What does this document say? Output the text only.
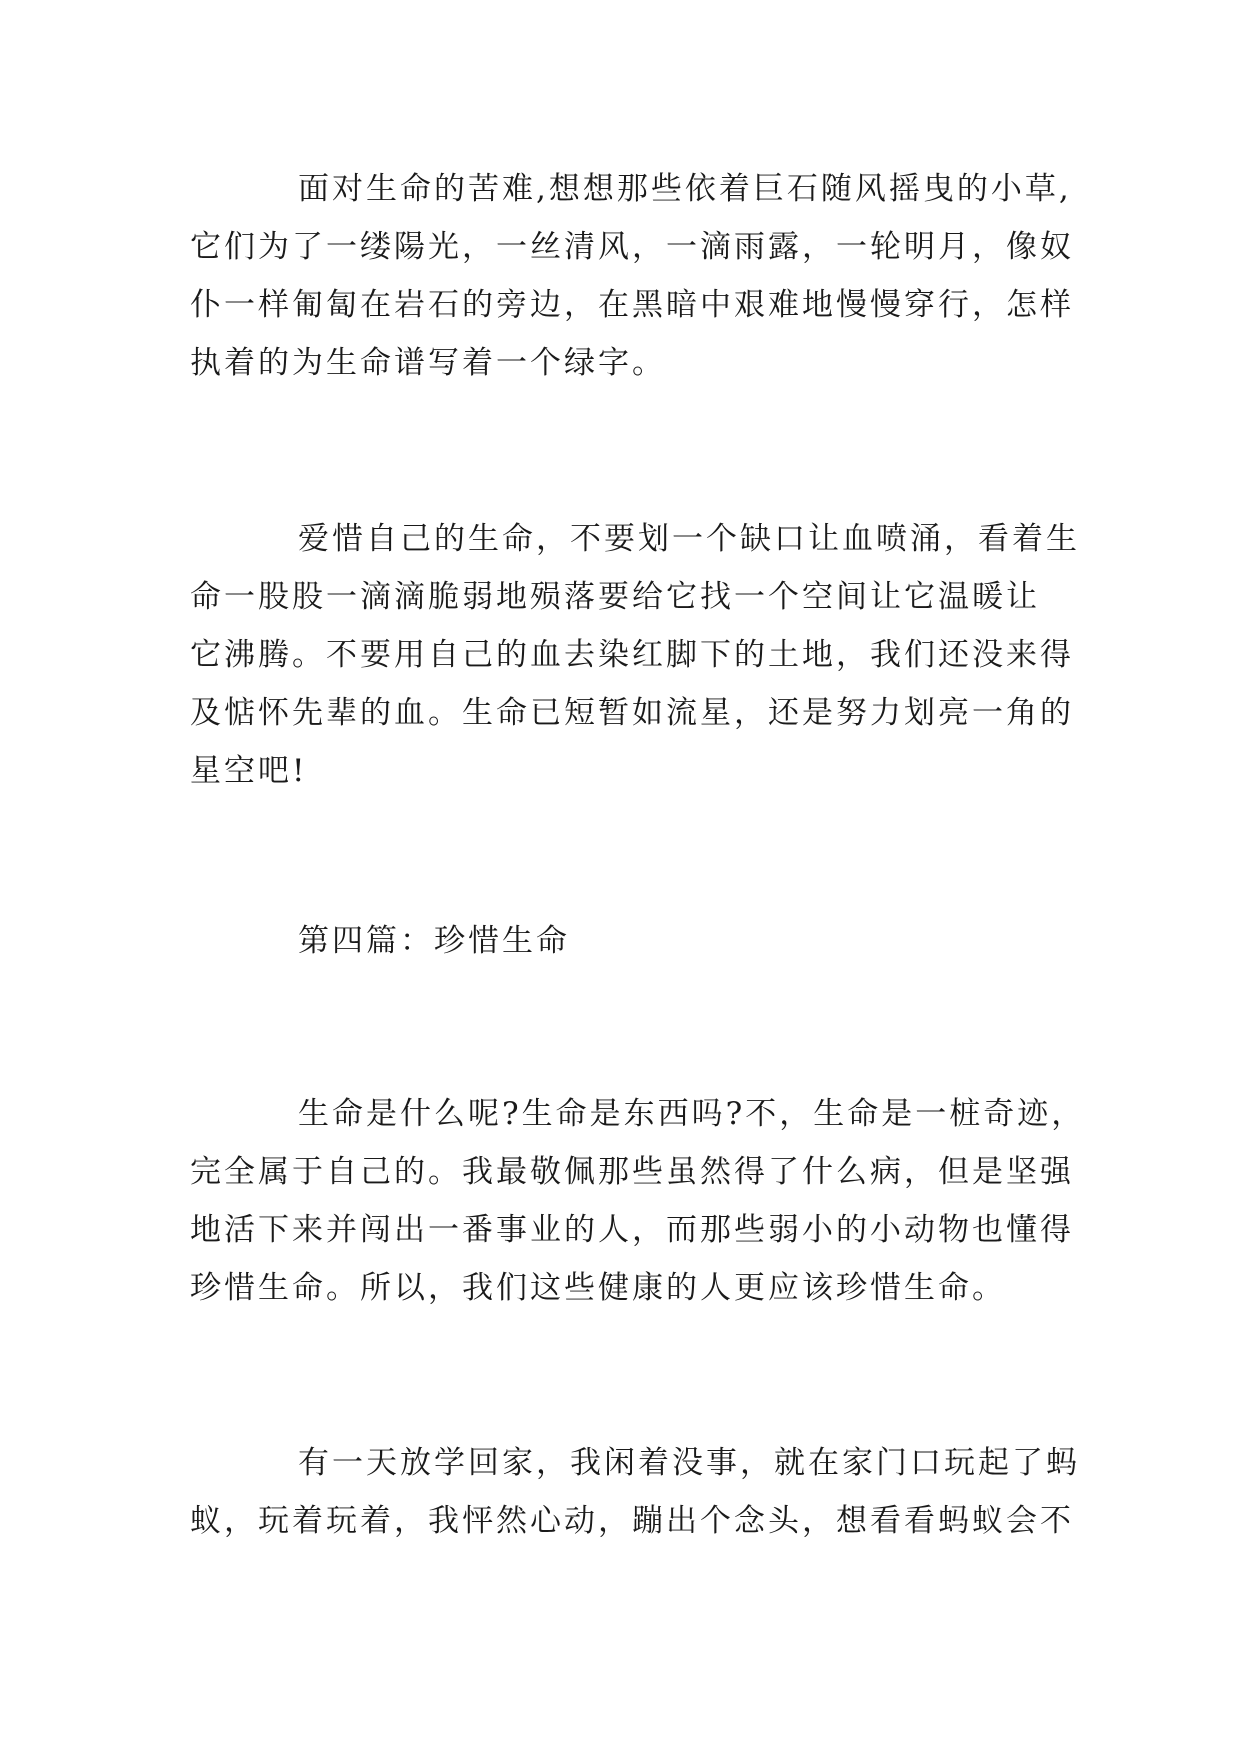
面对生命的苦难,想想那些依着巨石随风摇曳的小草,
它们为了一缕陽光，一丝清风，一滴雨露，一轮明月，像奴
仆一样匍匐在岩石的旁边，在黑暗中艰难地慢慢穿行，怎样
执着的为生命谱写着一个绿字。

爱惜自己的生命，不要划一个缺口让血喷涌，看着生
命一股股一滴滴脆弱地殒落要给它找一个空间让它温暖让
它沸腾。不要用自己的血去染红脚下的土地，我们还没来得
及惦怀先辈的血。生命已短暂如流星，还是努力划亮一角的
星空吧!

第四篇：珍惜生命

生命是什么呢?生命是东西吗?不，生命是一桩奇迹，
完全属于自己的。我最敬佩那些虽然得了什么病，但是坚强
地活下来并闯出一番事业的人，而那些弱小的小动物也懂得
珍惜生命。所以，我们这些健康的人更应该珍惜生命。

有一天放学回家，我闲着没事，就在家门口玩起了蚂
蚁，玩着玩着，我怦然心动，蹦出个念头，想看看蚂蚁会不
